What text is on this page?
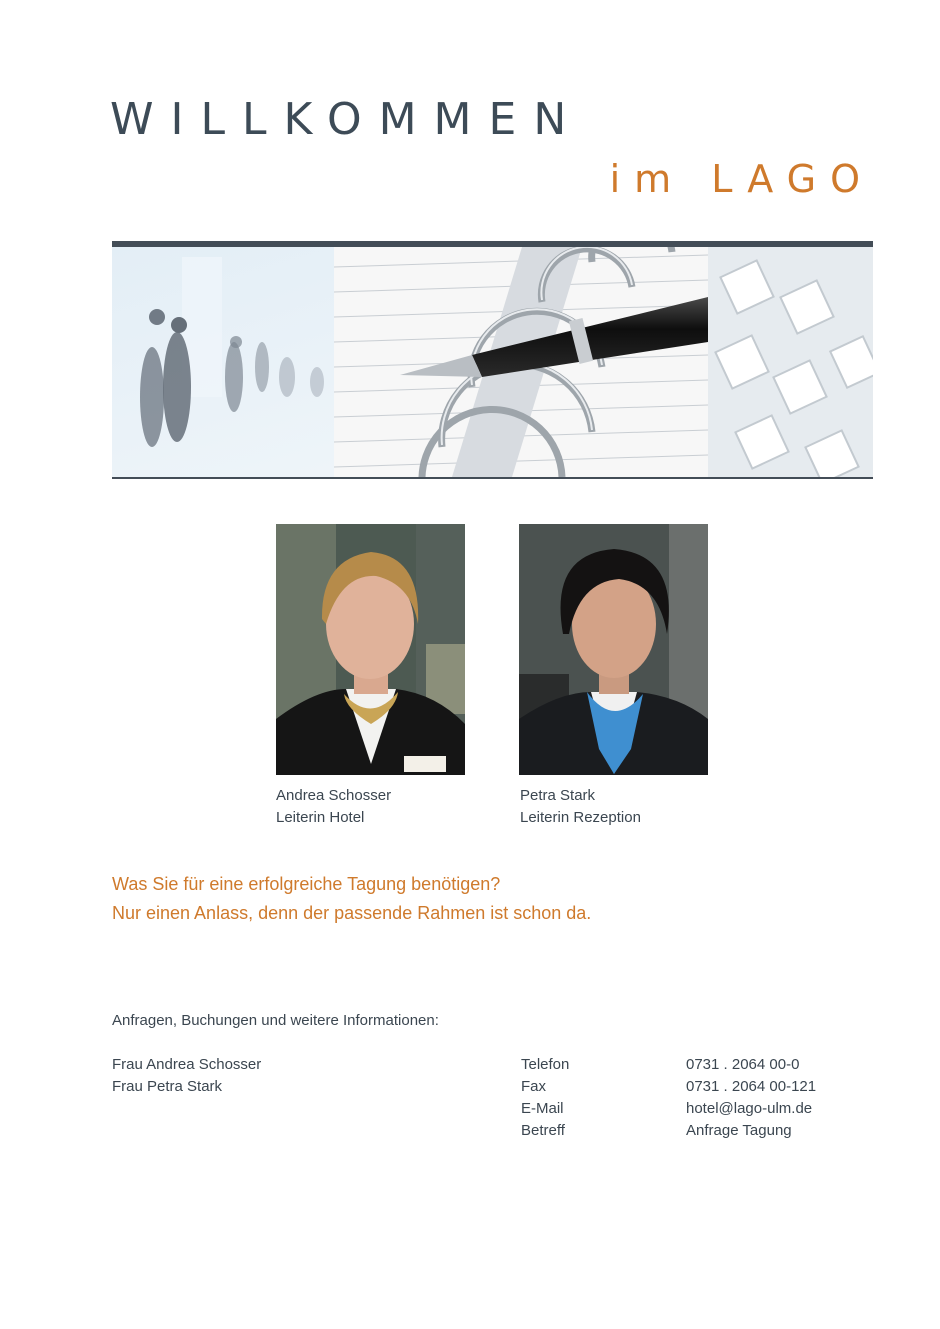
WILLKOMMEN
im LAGO
Andrea Schosser
Leiterin Hotel
Petra Stark
Leiterin Rezeption
Was Sie für eine erfolgreiche Tagung benötigen?
Nur einen Anlass, denn der passende Rahmen ist schon da.
Anfragen, Buchungen und weitere Informationen:
Frau Andrea Schosser
Frau Petra Stark
Telefon
Fax
E-Mail
Betreff
0731 . 2064 00-0
0731 . 2064 00-121
hotel@lago-ulm.de
Anfrage Tagung
